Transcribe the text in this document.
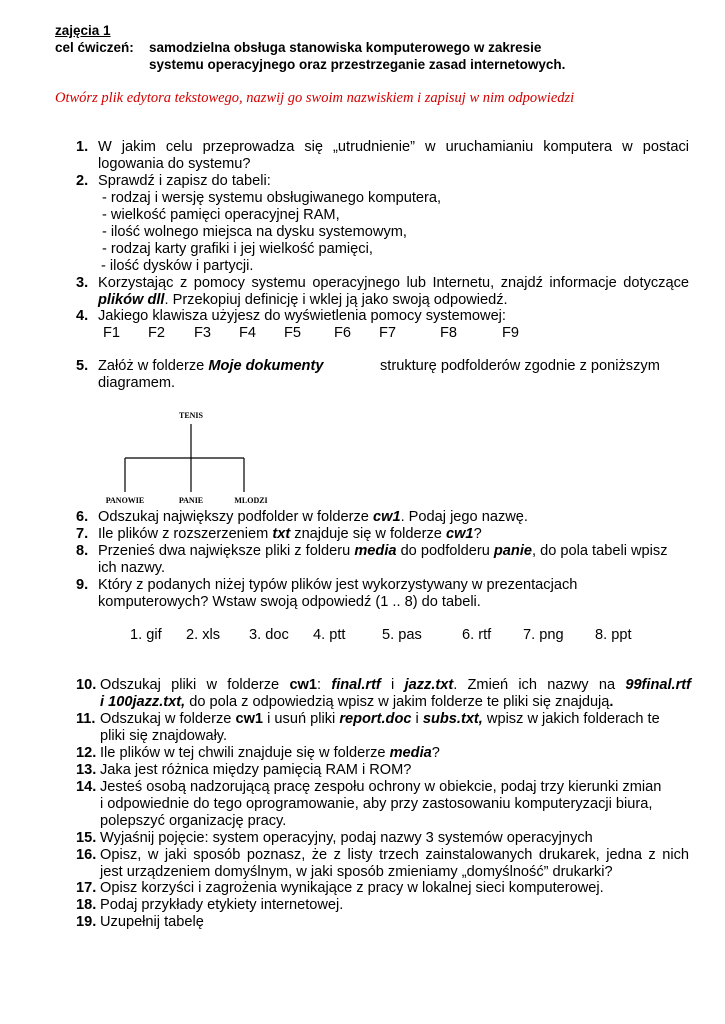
zajęcia 1
cel ćwiczeń: samodzielna obsługa stanowiska komputerowego w zakresie
systemu operacyjnego oraz przestrzeganie zasad internetowych.
Otwórz plik edytora tekstowego, nazwij go swoim nazwiskiem i zapisuj w nim odpowiedzi
1. W jakim celu przeprowadza się „utrudnienie” w uruchamianiu komputera w postaci
logowania do systemu?
2. Sprawdź i zapisz do tabeli:
- rodzaj i wersję systemu obsługiwanego komputera,
- wielkość pamięci operacyjnej RAM,
- ilość wolnego miejsca na dysku systemowym,
- rodzaj karty grafiki i jej wielkość pamięci,
- ilość dysków i partycji.
3. Korzystając z pomocy systemu operacyjnego lub Internetu, znajdź informacje dotyczące
plików dll. Przekopiuj definicję i wklej ją jako swoją odpowiedź.
4. Jakiego klawisza użyjesz do wyświetlenia pomocy systemowej:
F1 F2 F3 F4 F5 F6 F7	F8	F9
5. Załóż w folderze Moje dokumenty	strukturę podfolderów zgodnie z poniższym
diagramem.
TENIS
PANOWIE	PANIE	MLODZI
6. Odszukaj największy podfolder w folderze cw1. Podaj jego nazwę.
7. Ile plików z rozszerzeniem txt znajduje się w folderze cw1?
8. Przenieś dwa największe pliki z folderu media do podfolderu panie, do pola tabeli wpisz
ich nazwy.
9. Który z podanych niżej typów plików jest wykorzystywany w prezentacjach
komputerowych? Wstaw swoją odpowiedź (1 .. 8) do tabeli.
1. gif 2. xls 3. doc 4. ptt	5. pas	6. rtf 7. png 8. ppt
10. Odszukaj pliki w folderze cw1: final.rtf i jazz.txt. Zmień ich nazwy na 99final.rtf
i 100jazz.txt, do pola z odpowiedzią wpisz w jakim folderze te pliki się znajdują.
11. Odszukaj w folderze cw1 i usuń pliki report.doc i subs.txt, wpisz w jakich folderach te
pliki się znajdowały.
12. Ile plików w tej chwili znajduje się w folderze media?
13. Jaka jest różnica między pamięcią RAM i ROM?
14. Jesteś osobą nadzorującą pracę zespołu ochrony w obiekcie, podaj trzy kierunki zmian
i odpowiednie do tego oprogramowanie, aby przy zastosowaniu komputeryzacji biura,
polepszyć organizację pracy.
15. Wyjaśnij pojęcie: system operacyjny, podaj nazwy 3 systemów operacyjnych
16. Opisz, w jaki sposób poznasz, że z listy trzech zainstalowanych drukarek, jedna z nich
jest urządzeniem domyślnym, w jaki sposób zmieniamy „domyślność” drukarki?
17. Opisz korzyści i zagrożenia wynikające z pracy w lokalnej sieci komputerowej.
18. Podaj przykłady etykiety internetowej.
19. Uzupełnij tabelę
